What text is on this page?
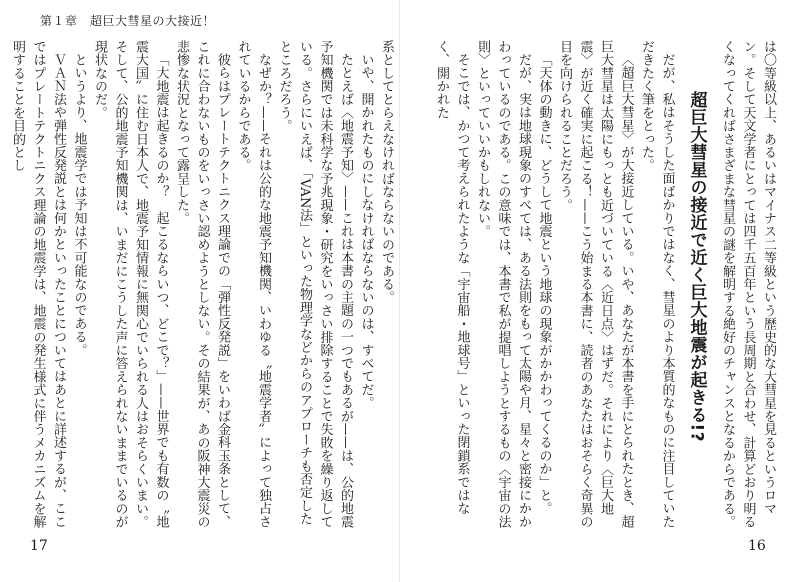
第１章　超巨大彗星の大接近！

は〇等級以上、あるいはマイナス二等級という歴史的な大彗星を見るというロマン。そして天文学者にとっては四千五百年という長周期と合わせ、計算どおり明るくなってくればさまざまな彗星の謎を解明する絶好のチャンスとなるからである。

超巨大彗星の接近で近く巨大地震が起きる!?

だが、私はそうした面ばかりではなく、彗星のより本質的なものに注目していただきたく筆をとった。

〈超巨大彗星〉が大接近している。いや、あなたが本書を手にとられたとき、超巨大彗星は太陽にもっとも近づいている〈近日点〉はずだ。それにより〈巨大地震〉が近く確実に起こる！——こう始まる本書に、読者のあなたはおそらく奇異の目を向けられることだろう。

「天体の動きに、どうして地震という地球の現象がかかわってくるのか」と。

だが、実は地球現象のすべては、ある法則をもって太陽や月、星々と密接にかかわっているのである。この意味では、本書で私が提唱しようとするもの〈宇宙の法則〉といっていいかもしれない。

そこでは、かつて考えられたような「宇宙船・地球号」といった閉鎖系ではなく、開かれた

系としてとらえなければならないのである。

いや、開かれたものにしなければならないのは、すべてだ。

たとえば〈地震予知〉——これは本書の主題の一つでもあるが——は、公的地震予知機関では未科学な予兆現象・研究をいっさい排除することで失敗を繰り返している。さらにいえば、「VAN法」といった物理学などからのアプローチも否定したところだろう。

なぜか？——それは公的な地震予知機関、いわゆる〝地震学者〟によって独占されているからである。

彼らはプレートテクトニクス理論での「弾性反発説」をいわば金科玉条として、これに合わないものをいっさい認めようとしない。その結果が、あの阪神大震災の悲惨な状況となって露呈した。

「大地震は起きるのか？　起こるならいつ、どこで？」——世界でも有数の〝地震大国〟に住む日本人で、地震予知情報に無関心でいられる人はおそらくいまい。そして、公的地震予知機関は、いまだにこうした声に答えられないままでいるのが現状なのだ。

というより、地震学では予知は不可能なのである。

ＶＡＮ法や弾性反発説とは何かといったことについてはあとに詳述するが、ここではプレートテクトニクス理論の地震学は、地震の発生様式に伴うメカニズムを解明することを目的とし

17	16
